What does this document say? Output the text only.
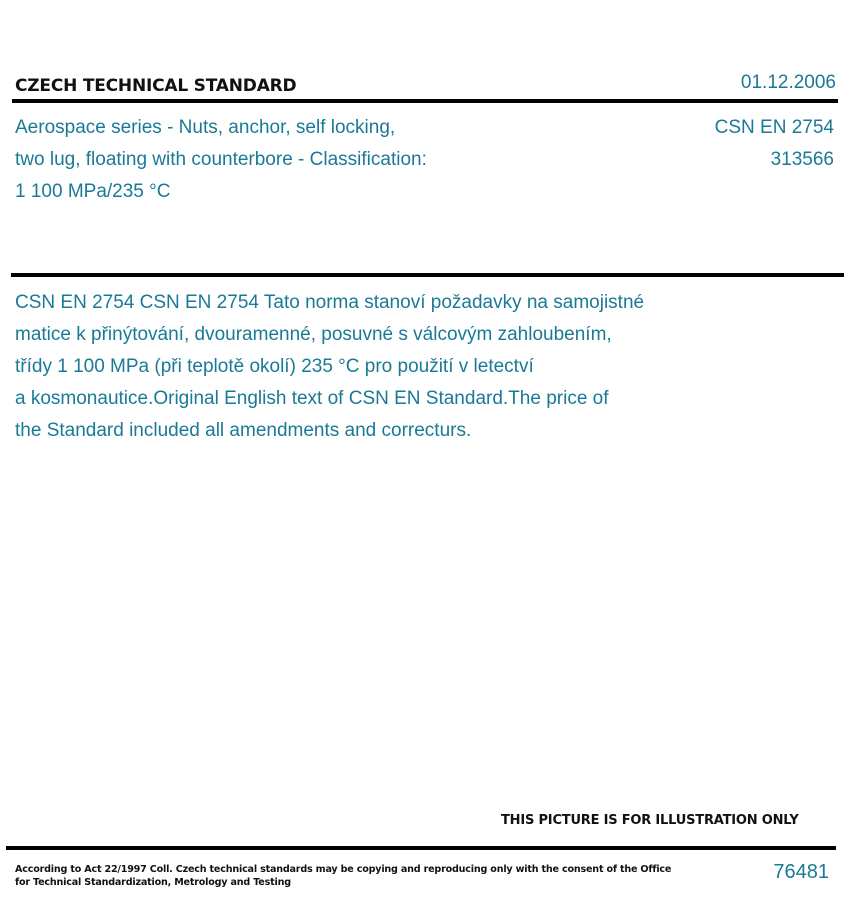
CZECH TECHNICAL STANDARD	01.12.2006
Aerospace series - Nuts, anchor, self locking,
two lug, floating with counterbore - Classification:
1 100 MPa/235 °C
CSN EN 2754
313566
CSN EN 2754 CSN EN 2754 Tato norma stanoví požadavky na samojistné
matice k přinýtování, dvouramenné, posuvné s válcovým zahloubením,
třídy 1 100 MPa (při teplotě okolí) 235 °C pro použití v letectví
a kosmonautice.Original English text of CSN EN Standard.The price of
the Standard included all amendments and correcturs.
THIS PICTURE IS FOR ILLUSTRATION ONLY
According to Act 22/1997 Coll. Czech technical standards may be copying and reproducing only with the consent of the Office
for Technical Standardization, Metrology and Testing	76481
